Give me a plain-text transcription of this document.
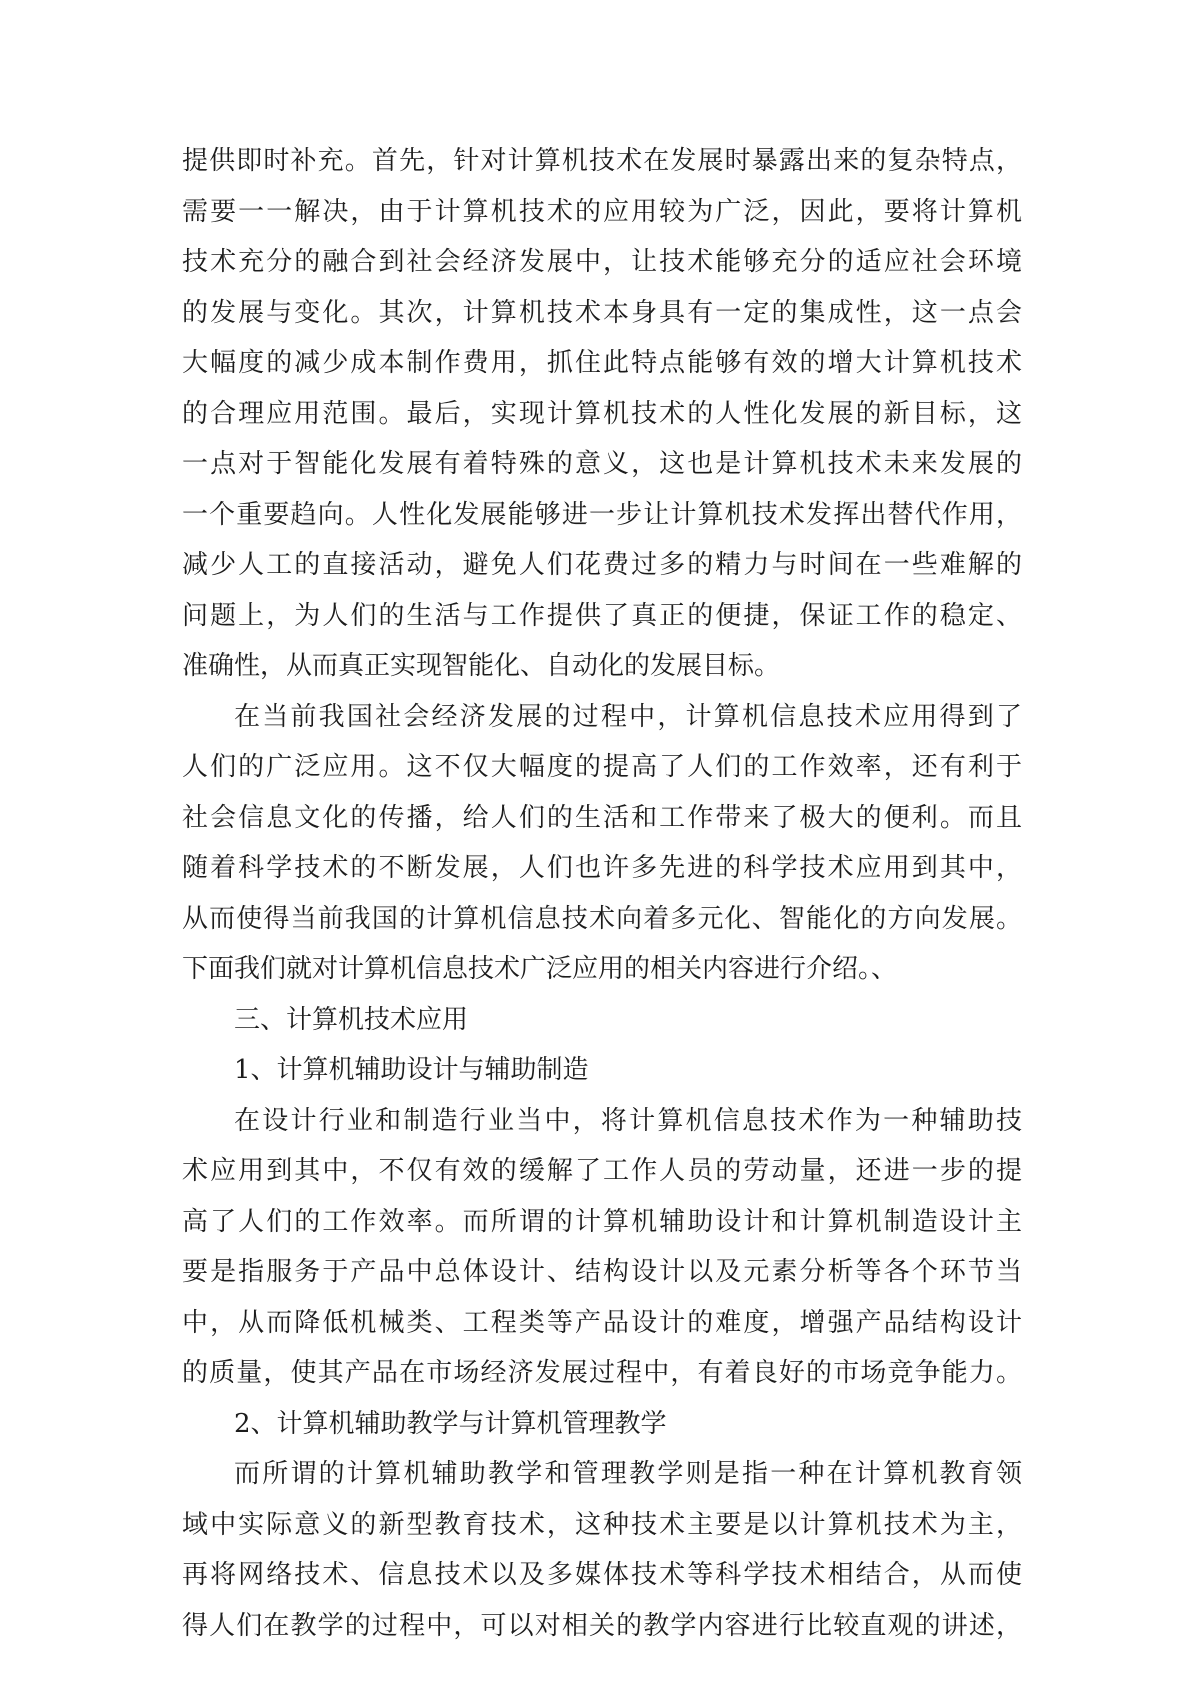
提供即时补充。首先，针对计算机技术在发展时暴露出来的复杂特点，
需要一一解决，由于计算机技术的应用较为广泛，因此，要将计算机
技术充分的融合到社会经济发展中，让技术能够充分的适应社会环境
的发展与变化。其次，计算机技术本身具有一定的集成性，这一点会
大幅度的减少成本制作费用，抓住此特点能够有效的增大计算机技术
的合理应用范围。最后，实现计算机技术的人性化发展的新目标，这
一点对于智能化发展有着特殊的意义，这也是计算机技术未来发展的
一个重要趋向。人性化发展能够进一步让计算机技术发挥出替代作用，
减少人工的直接活动，避免人们花费过多的精力与时间在一些难解的
问题上，为人们的生活与工作提供了真正的便捷，保证工作的稳定、
准确性，从而真正实现智能化、自动化的发展目标。
在当前我国社会经济发展的过程中，计算机信息技术应用得到了
人们的广泛应用。这不仅大幅度的提高了人们的工作效率，还有利于
社会信息文化的传播，给人们的生活和工作带来了极大的便利。而且
随着科学技术的不断发展，人们也许多先进的科学技术应用到其中，
从而使得当前我国的计算机信息技术向着多元化、智能化的方向发展。
下面我们就对计算机信息技术广泛应用的相关内容进行介绍。、
三、计算机技术应用
1、计算机辅助设计与辅助制造
在设计行业和制造行业当中，将计算机信息技术作为一种辅助技
术应用到其中，不仅有效的缓解了工作人员的劳动量，还进一步的提
高了人们的工作效率。而所谓的计算机辅助设计和计算机制造设计主
要是指服务于产品中总体设计、结构设计以及元素分析等各个环节当
中，从而降低机械类、工程类等产品设计的难度，增强产品结构设计
的质量，使其产品在市场经济发展过程中，有着良好的市场竞争能力。
2、计算机辅助教学与计算机管理教学
而所谓的计算机辅助教学和管理教学则是指一种在计算机教育领
域中实际意义的新型教育技术，这种技术主要是以计算机技术为主，
再将网络技术、信息技术以及多媒体技术等科学技术相结合，从而使
得人们在教学的过程中，可以对相关的教学内容进行比较直观的讲述，
